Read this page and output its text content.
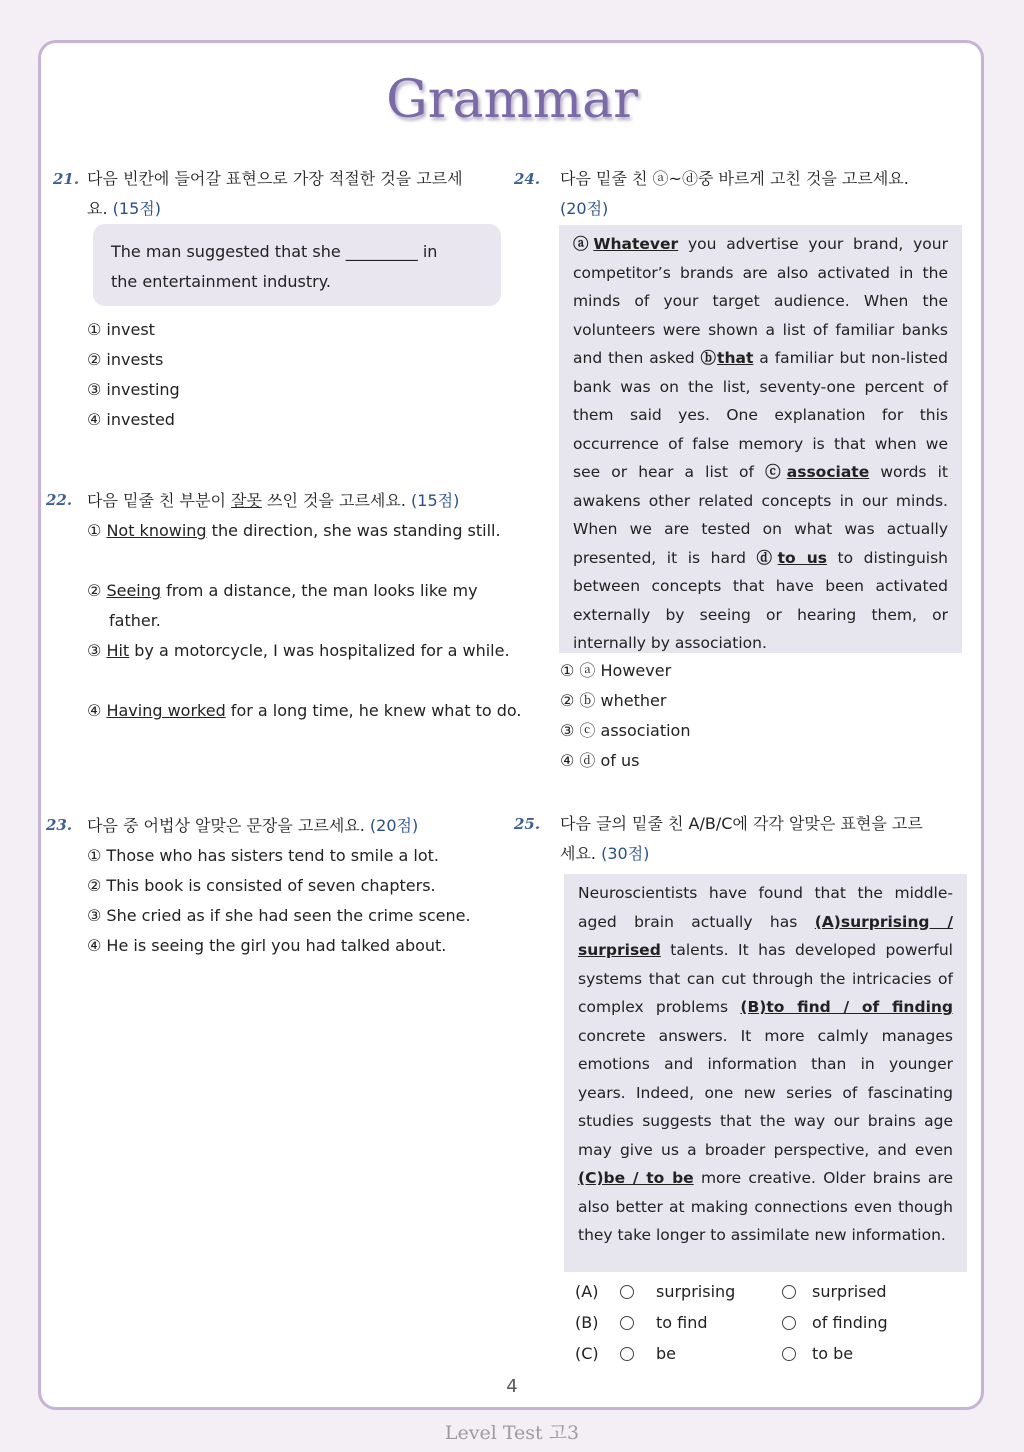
Grammar
21. 다음 빈칸에 들어갈 표현으로 가장 적절한 것을 고르세
요. (15점)
The man suggested that she _________ in
the entertainment industry.
① invest
② invests
③ investing
④ invested
22. 다음 밑줄 친 부분이 잘못 쓰인 것을 고르세요. (15점)
① Not knowing the direction, she was standing still.
② Seeing from a distance, the man looks like my father.
③ Hit by a motorcycle, I was hospitalized for a while.
④ Having worked for a long time, he knew what to do.
23. 다음 중 어법상 알맞은 문장을 고르세요. (20점)
① Those who has sisters tend to smile a lot.
② This book is consisted of seven chapters.
③ She cried as if she had seen the crime scene.
④ He is seeing the girl you had talked about.
24. 다음 밑줄 친 ⓐ~ⓓ중 바르게 고친 것을 고르세요.
(20점)
ⓐWhatever you advertise your brand, your competitor’s brands are also activated in the minds of your target audience. When the volunteers were shown a list of familiar banks and then asked ⓑthat a familiar but non-listed bank was on the list, seventy-one percent of them said yes. One explanation for this occurrence of false memory is that when we see or hear a list of ⓒassociate words it awakens other related concepts in our minds. When we are tested on what was actually presented, it is hard ⓓto us to distinguish between concepts that have been activated externally by seeing or hearing them, or internally by association.
① ⓐ However
② ⓑ whether
③ ⓒ association
④ ⓓ of us
25. 다음 글의 밑줄 친 A/B/C에 각각 알맞은 표현을 고르
세요. (30점)
Neuroscientists have found that the middle-aged brain actually has (A)surprising / surprised talents. It has developed powerful systems that can cut through the intricacies of complex problems (B)to find / of finding concrete answers. It more calmly manages emotions and information than in younger years. Indeed, one new series of fascinating studies suggests that the way our brains age may give us a broader perspective, and even (C)be / to be more creative. Older brains are also better at making connections even though they take longer to assimilate new information.
(A)	surprising	surprised
(B)	to find	of finding
(C)	be	to be
4
Level Test 고3
